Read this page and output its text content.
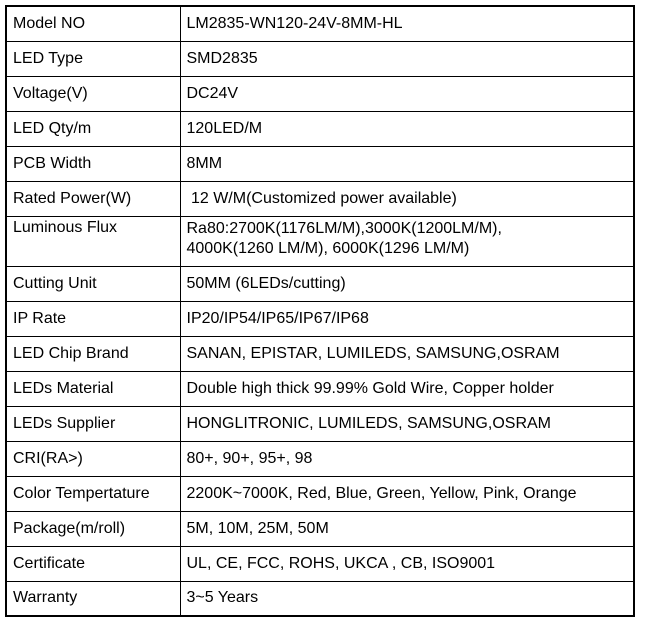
Model NO	LM2835-WN120-24V-8MM-HL
LED Type	SMD2835
Voltage(V)	DC24V
LED Qty/m	120LED/M
PCB Width	8MM
Rated Power(W)	12 W/M(Customized power available)
Luminous Flux	Ra80:2700K(1176LM/M),3000K(1200LM/M),
4000K(1260 LM/M), 6000K(1296 LM/M)

Cutting Unit	50MM (6LEDs/cutting)
IP Rate	IP20/IP54/IP65/IP67/IP68
LED Chip Brand	SANAN, EPISTAR, LUMILEDS, SAMSUNG,OSRAM
LEDs Material	Double high thick 99.99% Gold Wire, Copper holder
LEDs Supplier	HONGLITRONIC, LUMILEDS, SAMSUNG,OSRAM
CRI(RA>)	80+, 90+, 95+, 98
Color Tempertature	2200K~7000K, Red, Blue, Green, Yellow, Pink, Orange
Package(m/roll)	5M, 10M, 25M, 50M
Certificate	UL, CE, FCC, ROHS, UKCA , CB, ISO9001
Warranty	3~5 Years
